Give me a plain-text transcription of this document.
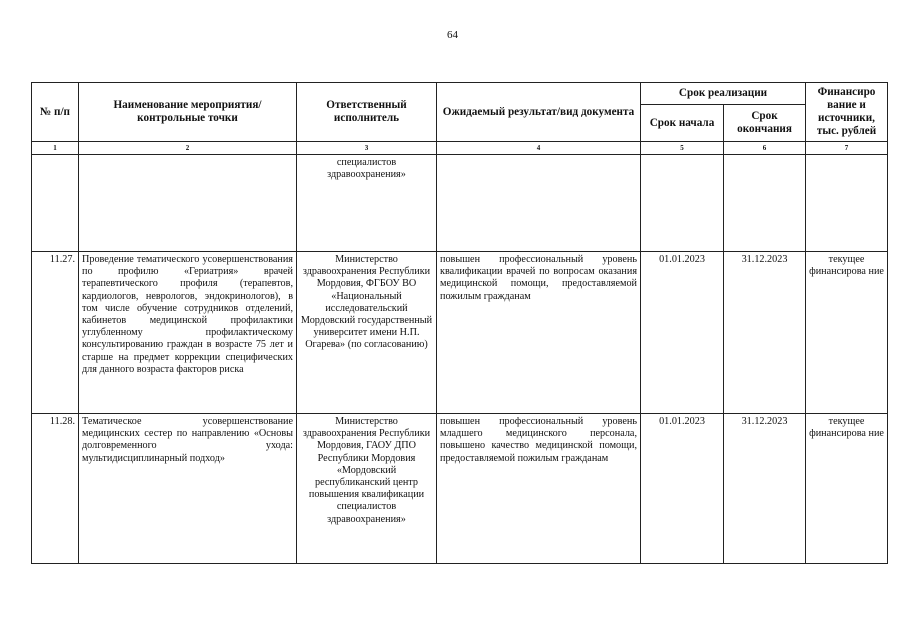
64
№ п/п	Наименование мероприятия/ контрольные точки	Ответственный исполнитель	Ожидаемый результат/вид документа	Срок реализации		Финансиро вание и источники, тыс. рублей
				Срок начала	Срок окончания	
1	2	3	4	5	6	7
		специалистов здравоохранения»				
11.27.	Проведение тематического усовершенствования по профилю «Гериатрия» врачей терапевтического профиля (терапевтов, кардиологов, неврологов, эндокринологов), в том числе обучение сотрудников отделений, кабинетов медицинской профилактики углубленному профилактическому консультированию граждан в возрасте 75 лет и старше на предмет коррекции специфических для данного возраста факторов риска	Министерство здравоохранения Республики Мордовия, ФГБОУ ВО «Национальный исследовательский Мордовский государственный университет имени Н.П. Огарева» (по согласованию)	повышен профессиональный уровень квалификации врачей по вопросам оказания медицинской помощи, предоставляемой пожилым гражданам	01.01.2023	31.12.2023	текущее финансирова ние
11.28.	Тематическое усовершенствование медицинских сестер по направлению «Основы долговременного ухода: мультидисциплинарный подход»	Министерство здравоохранения Республики Мордовия, ГАОУ ДПО Республики Мордовия «Мордовский республиканский центр повышения квалификации специалистов здравоохранения»	повышен профессиональный уровень младшего медицинского персонала, повышено качество медицинской помощи, предоставляемой пожилым гражданам	01.01.2023	31.12.2023	текущее финансирова ние
